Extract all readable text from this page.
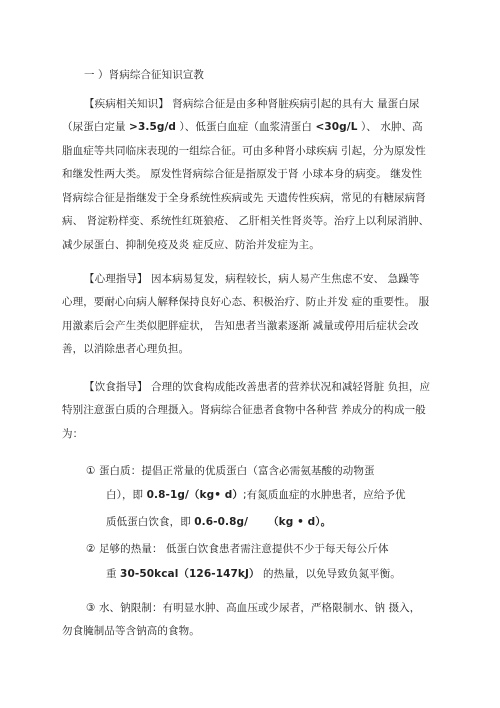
一 ）肾病综合征知识宣教
【疾病相关知识】 肾病综合征是由多种肾脏疾病引起的具有大 量蛋白尿
（尿蛋白定量 >3.5g/d ）、低蛋白血症（血浆清蛋白 <30g/L ）、 水肿、高
脂血症等共同临床表现的一组综合征。可由多种肾小球疾病 引起，分为原发性
和继发性两大类。 原发性肾病综合征是指原发于肾 小球本身的病变。 继发性
肾病综合征是指继发于全身系统性疾病或先 天遗传性疾病，常见的有糖尿病肾
病、 肾淀粉样变、系统性红斑狼疮、 乙肝相关性肾炎等。治疗上以利尿消肿、
减少尿蛋白、抑制免疫及炎 症反应、防治并发症为主。
【心理指导】 因本病易复发，病程较长，病人易产生焦虑不安、 急躁等
心理，要耐心向病人解释保持良好心态、积极治疗、防止并发 症的重要性。 服
用激素后会产生类似肥胖症状， 告知患者当激素逐渐 减量或停用后症状会改
善，以消除患者心理负担。
【饮食指导】 合理的饮食构成能改善患者的营养状况和减轻肾脏 负担，应
特别注意蛋白质的合理摄入。肾病综合征患者食物中各种营 养成分的构成一般
为：
① 蛋白质：提倡正常量的优质蛋白（富含必需氨基酸的动物蛋
白），即 0.8-1g/（kg• d）;有氮质血症的水肿患者，应给予优
质低蛋白饮食，即 0.6-0.8g/ （kg • d）。
② 足够的热量： 低蛋白饮食患者需注意提供不少于每天每公斤体
重 30-50kcal（126-147kJ） 的热量，以免导致负氮平衡。
③ 水、钠限制：有明显水肿、高血压或少尿者，严格限制水、钠 摄入，
勿食腌制品等含钠高的食物。
